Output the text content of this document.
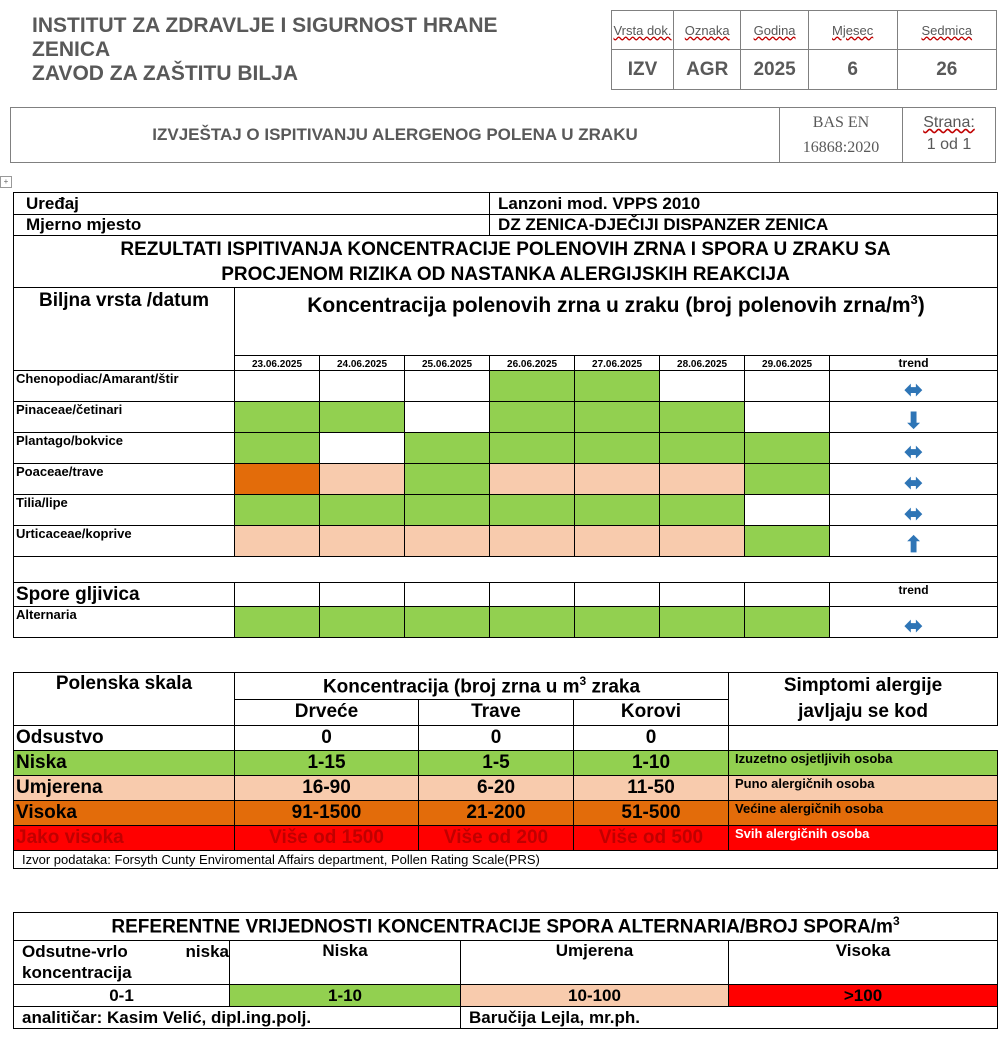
INSTITUT ZA ZDRAVLJE I SIGURNOST HRANE
ZENICA
ZAVOD ZA ZAŠTITU BILJA
Vrsta dok.	Oznaka	Godina	Mjesec	Sedmica
IZV	AGR	2025	6	26
IZVJEŠTAJ O ISPITIVANJU ALERGENOG POLENA U ZRAKU
BAS EN
16868:2020
Strana:
1 od 1
+
Uređaj				Lanzoni mod. VPPS 2010				
Mjerno mjesto				DZ ZENICA-DJEČIJI DISPANZER ZENICA				

REZULTATI ISPITIVANJA KONCENTRACIJE POLENOVIH ZRNA I SPORA U ZRAKU SA
PROCJENOM RIZIKA OD NASTANKA ALERGIJSKIH REAKCIJA								

Biljna vrsta /datum	Koncentracija polenovih zrna u zraku (broj polenovih zrna/$m^3$)							
	23.06.2025	24.06.2025	25.06.2025	26.06.2025	27.06.2025	28.06.2025	29.06.2025	trend
Chenopodiac/Amarant/štir								⬌
Pinaceae/četinari								⬇
Plantago/bokvice								⬌
Poaceae/trave								⬌
Tilia/lipe								⬌
Urticaceae/koprive								⬆

Spore gljivica								trend
Alternaria								⬌
Polenska skala	Koncentracija (broj zrna u $m^3$ zraka			Simptomi alergije javljaju se kod
	Drveće	Trave	Korovi	
Odsustvo	0	0	0	
Niska	1-15	1-5	1-10	Izuzetno osjetljivih osoba
Umjerena	16-90	6-20	11-50	Puno alergičnih osoba
Visoka	91-1500	21-200	51-500	Većine alergičnih osoba
Jako visoka	Više od 1500	Više od 200	Više od 500	Svih alergičnih osoba
Izvor podataka: Forsyth Cunty Enviromental Affairs department, Pollen Rating Scale(PRS)				
REFERENTNE VRIJEDNOSTI KONCENTRACIJE SPORA ALTERNARIA/BROJ SPORA/$m^3$
Odsutne-vrlo niska koncentracija	Niska	Umjerena	Visoka
0-1	1-10	10-100	>100
analitičar: Kasim Velić, dipl.ing.polj.		Baručija Lejla, mr.ph.	
